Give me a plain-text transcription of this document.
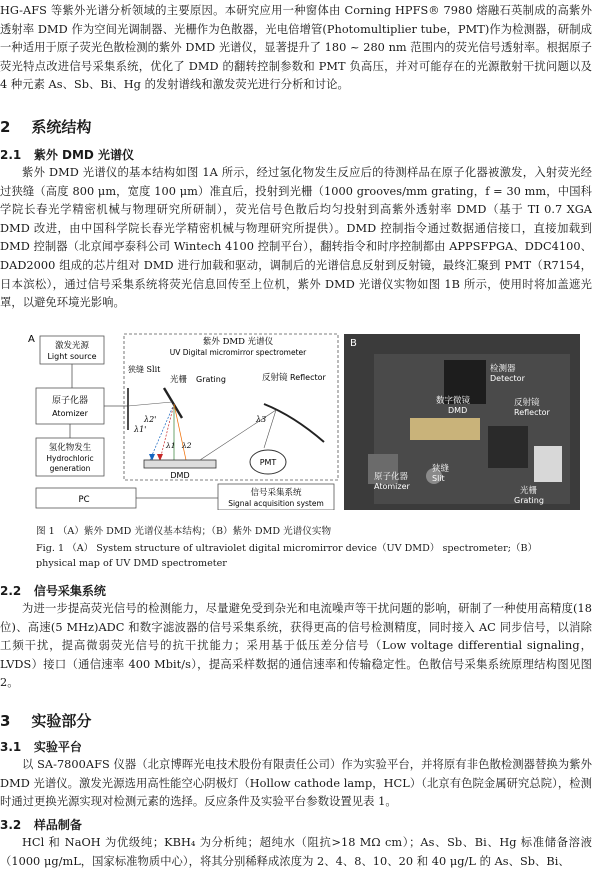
HG-AFS 等紫外光谱分析领域的主要原因。本研究应用一种窗体由 Corning HPFS® 7980 熔融石英制成的高紫外透射率 DMD 作为空间光调制器、光栅作为色散器，光电倍增管(Photomultiplier tube，PMT)作为检测器，研制成一种适用于原子荧光色散检测的紫外 DMD 光谱仪，显著提升了 180 ~ 280 nm 范围内的荧光信号透射率。根据原子荧光特点改进信号采集系统，优化了 DMD 的翻转控制参数和 PMT 负高压，并对可能存在的光源散射干扰问题以及 4 种元素 As、Sb、Bi、Hg 的发射谱线和激发荧光进行分析和讨论。

2 系统结构
2.1 紫外 DMD 光谱仪

紫外 DMD 光谱仪的基本结构如图 1A 所示，经过氢化物发生反应后的待测样品在原子化器被激发，入射荧光经过狭缝（高度 800 μm，宽度 100 μm）准直后，投射到光栅（1000 grooves/mm grating，f = 30 mm，中国科学院长春光学精密机械与物理研究所研制），荧光信号色散后均匀投射到高紫外透射率 DMD（基于 TI 0.7 XGA DMD 改进，由中国科学院长春光学精密机械与物理研究所提供）。DMD 控制指令通过数据通信接口，直接加载到 DMD 控制器（北京闻亭泰科公司 Wintech 4100 控制平台），翻转指令和时序控制都由 APPSFPGA、DDC4100、DAD2000 组成的芯片组对 DMD 进行加载和驱动，调制后的光谱信息反射到反射镜，最终汇聚到 PMT（R7154，日本滨松），通过信号采集系统将荧光信息回传至上位机，紫外 DMD 光谱仪实物如图 1B 所示，使用时将加盖遮光罩，以避免环境光影响。

A
激发光源
Light source
原子化器
Atomizer
氢化物发生
Hydrochloric
generation
紫外 DMD 光谱仪
UV Digital micromirror spectrometer
狭缝 Slit
光栅 Grating
λ1'
λ2'
λ1 λ2
DMD
反射镜 Reflector
λ3
PMT
PC
信号采集系统
Signal acquisition system
B
检测器
Detector
数字微镜
DMD
反射镜
Reflector
原子化器
Atomizer
狭缝
Slit
光栅
Grating

图 1 （A）紫外 DMD 光谱仪基本结构；（B）紫外 DMD 光谱仪实物

Fig. 1 （A） System structure of ultraviolet digital micromirror device（UV DMD） spectrometer;（B） physical map of UV DMD spectrometer

2.2 信号采集系统

为进一步提高荧光信号的检测能力，尽量避免受到杂光和电流噪声等干扰问题的影响，研制了一种使用高精度(18 位)、高速(5 MHz)ADC 和数字滤波器的信号采集系统，获得更高的信号检测精度，同时接入 AC 同步信号，以消除工频干扰，提高微弱荧光信号的抗干扰能力；采用基于低压差分信号（Low voltage differential signaling，LVDS）接口（通信速率 400 Mbit/s），提高采样数据的通信速率和传输稳定性。色散信号采集系统原理结构图见图 2。

3 实验部分
3.1 实验平台

以 SA-7800AFS 仪器（北京博晖光电技术股份有限责任公司）作为实验平台，并将原有非色散检测器替换为紫外 DMD 光谱仪。激发光源选用高性能空心阴极灯（Hollow cathode lamp，HCL）（北京有色院金属研究总院），检测时通过更换光源实现对检测元素的选择。反应条件及实验平台参数设置见表 1。

3.2 样品制备

HCl 和 NaOH 为优级纯；KBH₄ 为分析纯；超纯水（阻抗>18 MΩ cm）；As、Sb、Bi、Hg 标准储备溶液（1000 μg/mL，国家标准物质中心），将其分别稀释成浓度为 2、4、8、10、20 和 40 μg/L 的 As、Sb、Bi、
